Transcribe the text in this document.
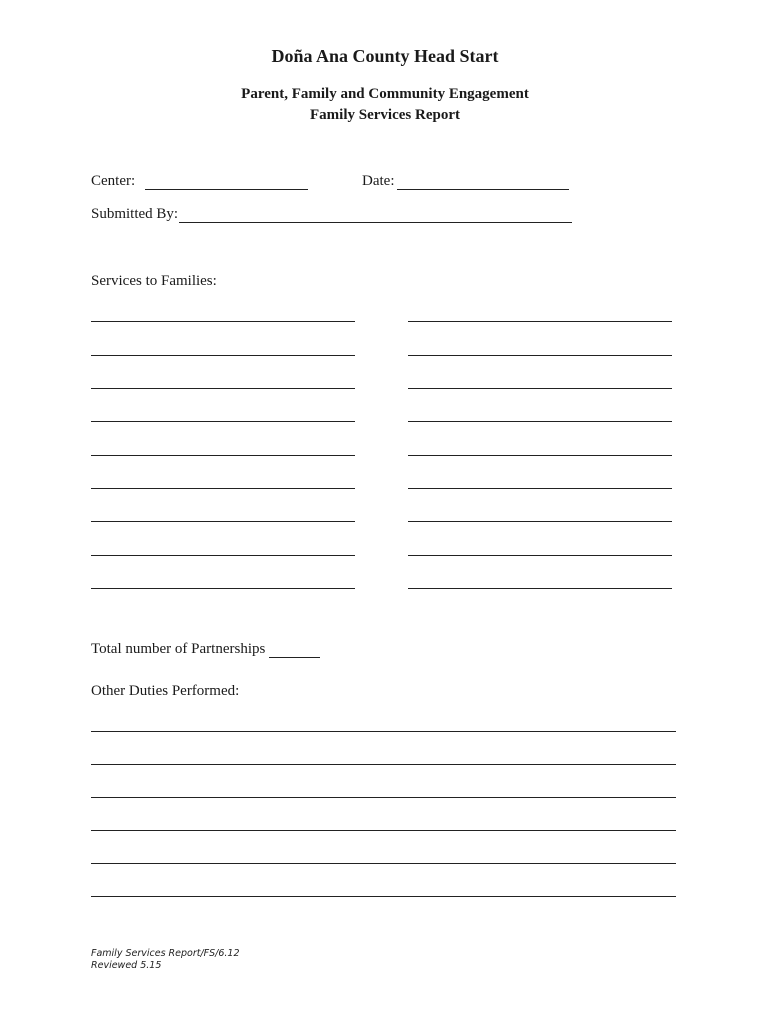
Doña Ana County Head Start
Parent, Family and Community Engagement
Family Services Report
Center:	Date:
Submitted By:
Services to Families:
Total number of Partnerships
Other Duties Performed:
Family Services Report/FS/6.12
Reviewed 5.15
